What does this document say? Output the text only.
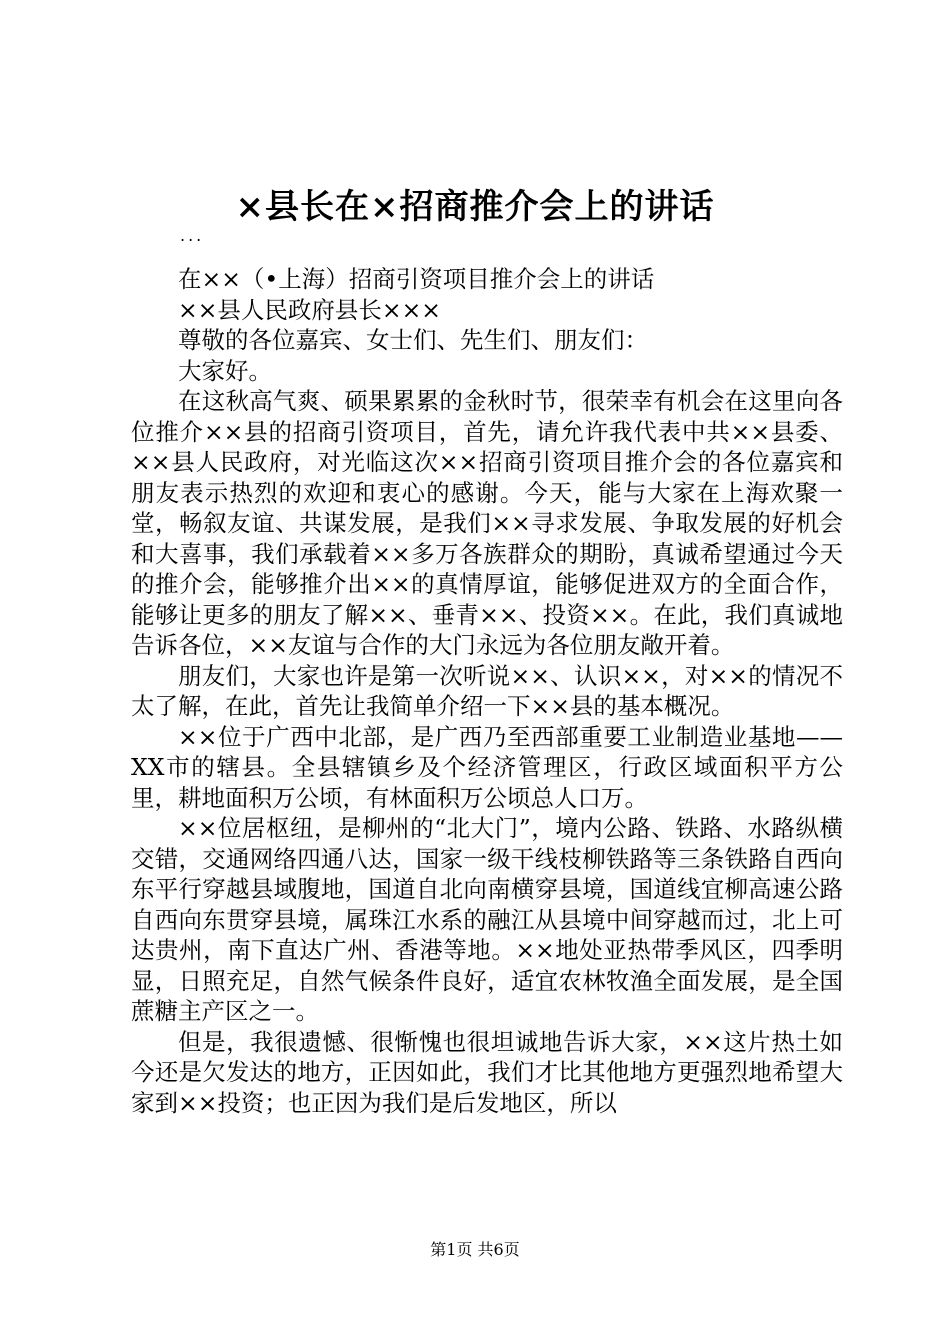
×县长在×招商推介会上的讲话
...

在××（•上海）招商引资项目推介会上的讲话

××县人民政府县长×××

尊敬的各位嘉宾、女士们、先生们、朋友们：

大家好。

在这秋高气爽、硕果累累的金秋时节，很荣幸有机会在这里向各位推介××县的招商引资项目，首先，请允许我代表中共××县委、××县人民政府，对光临这次××招商引资项目推介会的各位嘉宾和朋友表示热烈的欢迎和衷心的感谢。今天，能与大家在上海欢聚一堂，畅叙友谊、共谋发展，是我们××寻求发展、争取发展的好机会和大喜事，我们承载着××多万各族群众的期盼，真诚希望通过今天的推介会，能够推介出××的真情厚谊，能够促进双方的全面合作，能够让更多的朋友了解××、垂青××、投资××。在此，我们真诚地告诉各位，××友谊与合作的大门永远为各位朋友敞开着。

朋友们，大家也许是第一次听说××、认识××，对××的情况不太了解，在此，首先让我简单介绍一下××县的基本概况。

××位于广西中北部，是广西乃至西部重要工业制造业基地——XX市的辖县。全县辖镇乡及个经济管理区，行政区域面积平方公里，耕地面积万公顷，有林面积万公顷总人口万。

××位居枢纽，是柳州的“北大门”，境内公路、铁路、水路纵横交错，交通网络四通八达，国家一级干线枝柳铁路等三条铁路自西向东平行穿越县域腹地，国道自北向南横穿县境，国道线宜柳高速公路自西向东贯穿县境，属珠江水系的融江从县境中间穿越而过，北上可达贵州，南下直达广州、香港等地。××地处亚热带季风区，四季明显，日照充足，自然气候条件良好，适宜农林牧渔全面发展，是全国蔗糖主产区之一。

但是，我很遗憾、很惭愧也很坦诚地告诉大家，××这片热土如今还是欠发达的地方，正因如此，我们才比其他地方更强烈地希望大家到××投资；也正因为我们是后发地区，所以

第1页 共6页
